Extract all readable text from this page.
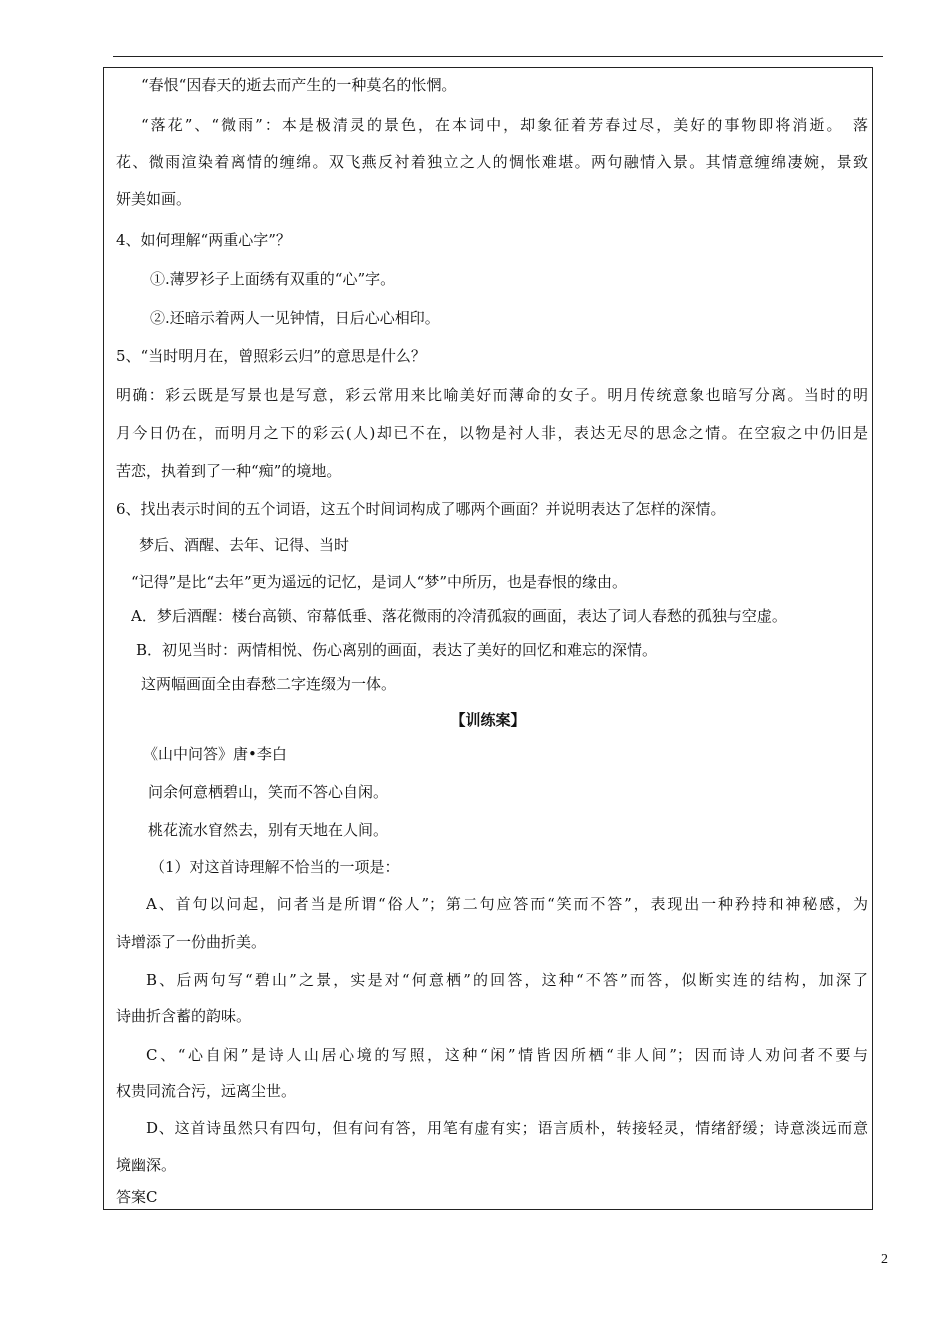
“春恨“因春天的逝去而产生的一种莫名的怅惘。
“落花”、“微雨”：本是极清灵的景色，在本词中，却象征着芳春过尽，美好的事物即将消逝。　落
花、微雨渲染着离情的缠绵。双飞燕反衬着独立之人的惆怅难堪。两句融情入景。其情意缠绵凄婉，景致
妍美如画。
4、如何理解“两重心字”？
①.薄罗衫子上面绣有双重的“心”字。
②.还暗示着两人一见钟情，日后心心相印。
5、“当时明月在，曾照彩云归”的意思是什么？
明确：彩云既是写景也是写意，彩云常用来比喻美好而薄命的女子。明月传统意象也暗写分离。当时的明
月今日仍在，而明月之下的彩云(人)却已不在，以物是衬人非，表达无尽的思念之情。在空寂之中仍旧是
苦恋，执着到了一种“痴”的境地。
6、找出表示时间的五个词语，这五个时间词构成了哪两个画面？并说明表达了怎样的深情。
梦后、酒醒、去年、记得、当时
“记得”是比“去年”更为遥远的记忆，是词人“梦”中所历，也是春恨的缘由。
A．梦后酒醒：楼台高锁、帘幕低垂、落花微雨的冷清孤寂的画面，表达了词人春愁的孤独与空虚。
B．初见当时：两情相悦、伤心离别的画面，表达了美好的回忆和难忘的深情。
这两幅画面全由春愁二字连缀为一体。
【训练案】
《山中问答》唐•李白
问余何意栖碧山，笑而不答心自闲。
桃花流水窅然去，别有天地在人间。
（1）对这首诗理解不恰当的一项是：
A、首句以问起，问者当是所谓“俗人”；第二句应答而“笑而不答”，表现出一种矜持和神秘感，为
诗增添了一份曲折美。
B、后两句写“碧山”之景，实是对“何意栖”的回答，这种“不答”而答，似断实连的结构，加深了
诗曲折含蓄的韵味。
C、“心自闲”是诗人山居心境的写照，这种“闲”情皆因所栖“非人间”；因而诗人劝问者不要与
权贵同流合污，远离尘世。
D、这首诗虽然只有四句，但有问有答，用笔有虚有实；语言质朴，转接轻灵，情绪舒缓；诗意淡远而意
境幽深。
答案C
2
